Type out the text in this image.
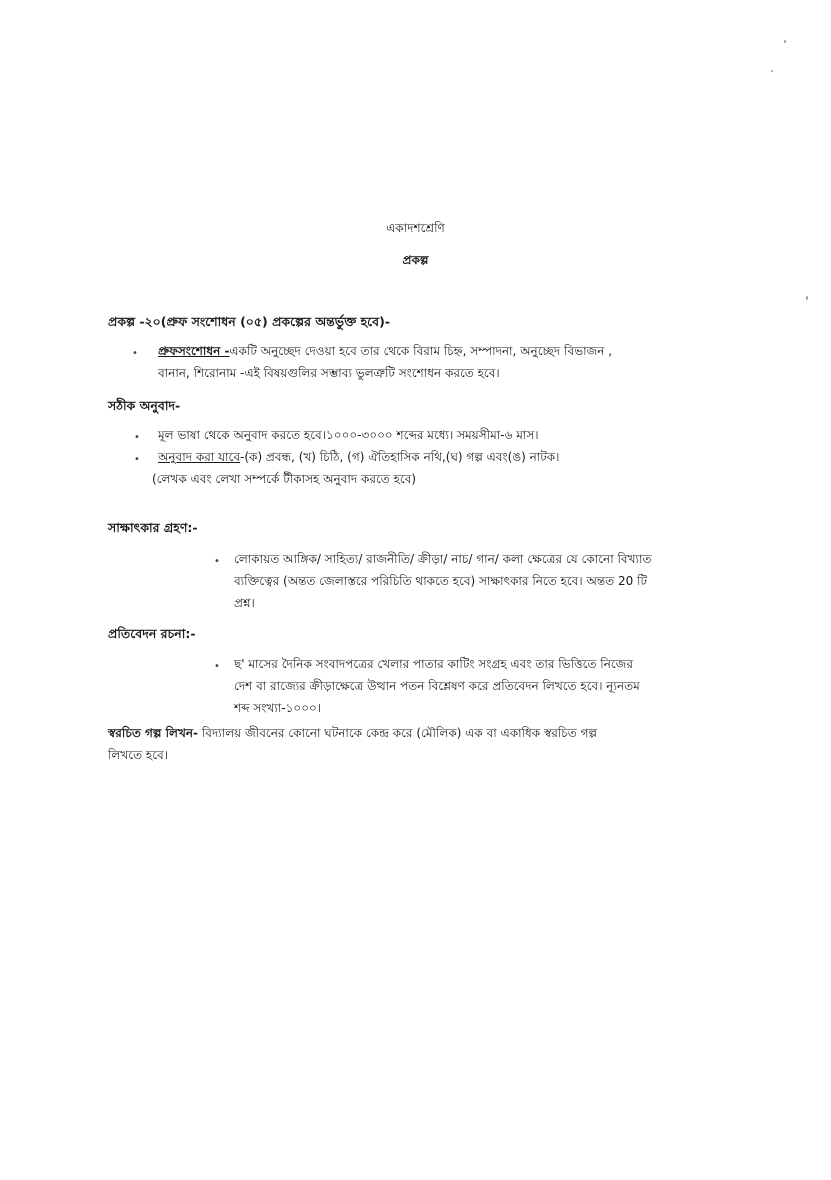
একাদশশ্রেণি
প্রকল্প
প্রকল্প -২০(প্রুফ সংশোধন (০৫) প্রকল্পের অন্তর্ভুক্ত হবে)-
• প্রুফসংশোধন -একটি অনুচ্ছেদ দেওয়া হবে তার থেকে বিরাম চিহ্ন, সম্পাদনা, অনুচ্ছেদ বিভাজন ,
বানান, শিরোনাম -এই বিষয়গুলির সম্ভাব্য ভুলত্রুটি সংশোধন করতে হবে।
সঠীক অনুবাদ-
• মূল ভাষা থেকে অনুবাদ করতে হবে।১০০০-৩০০০ শব্দের মধ্যে। সময়সীমা-৬ মাস।
• অনুবাদ করা যাবে-(ক) প্রবন্ধ, (খ) চিঠি, (গ) ঐতিহাসিক নথি,(ঘ) গল্প এবং(ঙ) নাটক।
(লেখক এবং লেখা সম্পর্কে টীকাসহ অনুবাদ করতে হবে)
সাক্ষাৎকার গ্রহণ:-
• লোকায়ত আঙ্গিক/ সাহিত্য/ রাজনীতি/ ক্রীড়া/ নাচ/ গান/ কলা ক্ষেত্রের যে কোনো বিখ্যাত
ব্যক্তিত্বের (অন্তত জেলাস্তরে পরিচিতি থাকতে হবে) সাক্ষাৎকার নিতে হবে। অন্তত 20 টি
প্রশ্ন।
প্রতিবেদন রচনা:-
• ছ' মাসের দৈনিক সংবাদপত্রের খেলার পাতার কাটিং সংগ্রহ এবং তার ভিত্তিতে নিজের
দেশ বা রাজ্যের ক্রীড়াক্ষেত্রে উত্থান পতন বিশ্লেষণ করে প্রতিবেদন লিখতে হবে। ন্যূনতম
শব্দ সংখ্যা-১০০০।
স্বরচিত গল্প লিখন- বিদ্যালয় জীবনের কোনো ঘটনাকে কেন্দ্র করে (মৌলিক) এক বা একাধিক স্বরচিত গল্প
লিখতে হবে।
